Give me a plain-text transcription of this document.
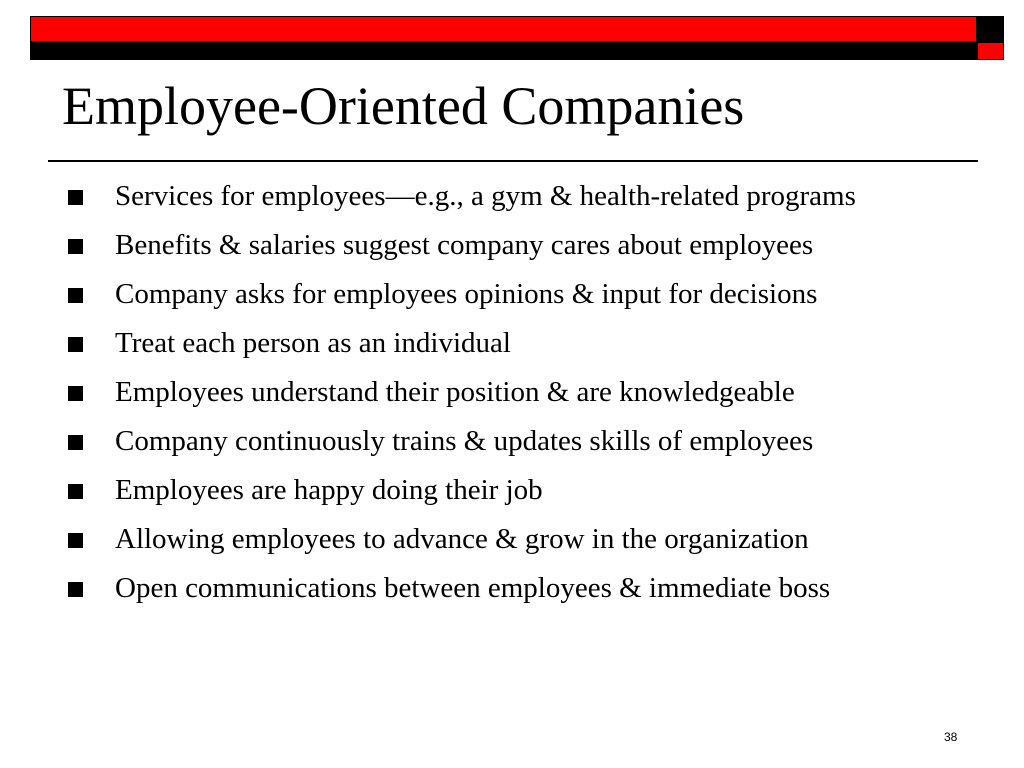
Employee-Oriented Companies
Services for employees—e.g., a gym & health-related programs
Benefits & salaries suggest company cares about employees
Company asks for employees opinions & input for decisions
Treat each person as an individual
Employees understand their position & are knowledgeable
Company continuously trains & updates skills of employees
Employees are happy doing their job
Allowing employees to advance & grow in the organization
Open communications between employees & immediate boss
38
